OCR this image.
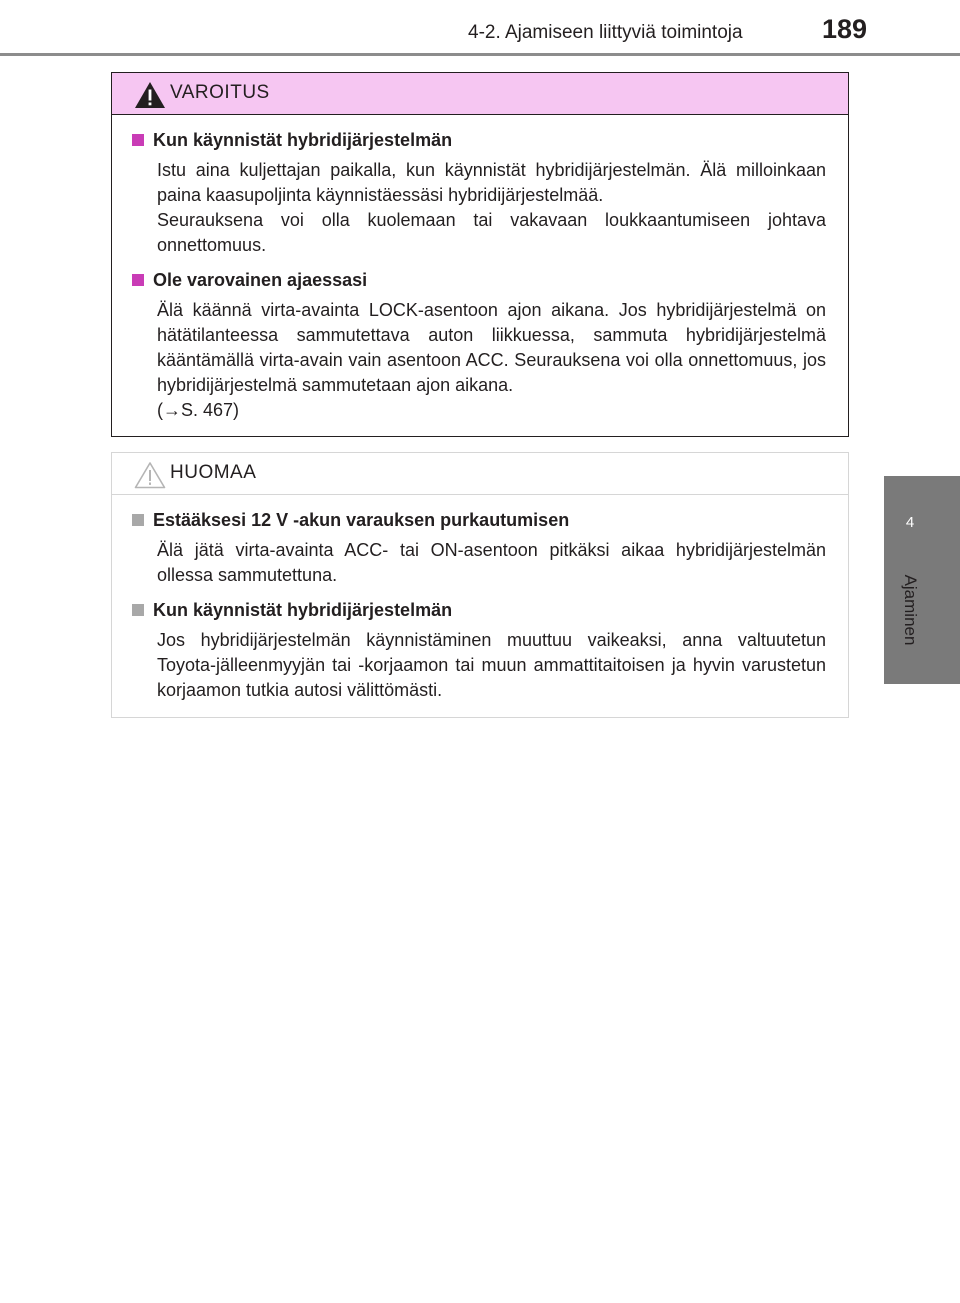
4-2. Ajamiseen liittyviä toimintoja	189
4
Ajaminen
VAROITUS
Kun käynnistät hybridijärjestelmän

Istu aina kuljettajan paikalla, kun käynnistät hybridijärjestelmän. Älä milloinkaan paina kaasupoljinta käynnistäessäsi hybridijärjestelmää.

Seurauksena voi olla kuolemaan tai vakavaan loukkaantumiseen johtava onnettomuus.

Ole varovainen ajaessasi

Älä käännä virta-avainta LOCK-asentoon ajon aikana. Jos hybridijärjestelmä on hätätilanteessa sammutettava auton liikkuessa, sammuta hybridijärjestelmä kääntämällä virta-avain vain asentoon ACC. Seurauksena voi olla onnettomuus, jos hybridijärjestelmä sammutetaan ajon aikana.

(→S. 467)

HUOMAA
Estääksesi 12 V -akun varauksen purkautumisen

Älä jätä virta-avainta ACC- tai ON-asentoon pitkäksi aikaa hybridijärjestelmän ollessa sammutettuna.

Kun käynnistät hybridijärjestelmän

Jos hybridijärjestelmän käynnistäminen muuttuu vaikeaksi, anna valtuutetun Toyota-jälleenmyyjän tai -korjaamon tai muun ammattitaitoisen ja hyvin varustetun korjaamon tutkia autosi välittömästi.
